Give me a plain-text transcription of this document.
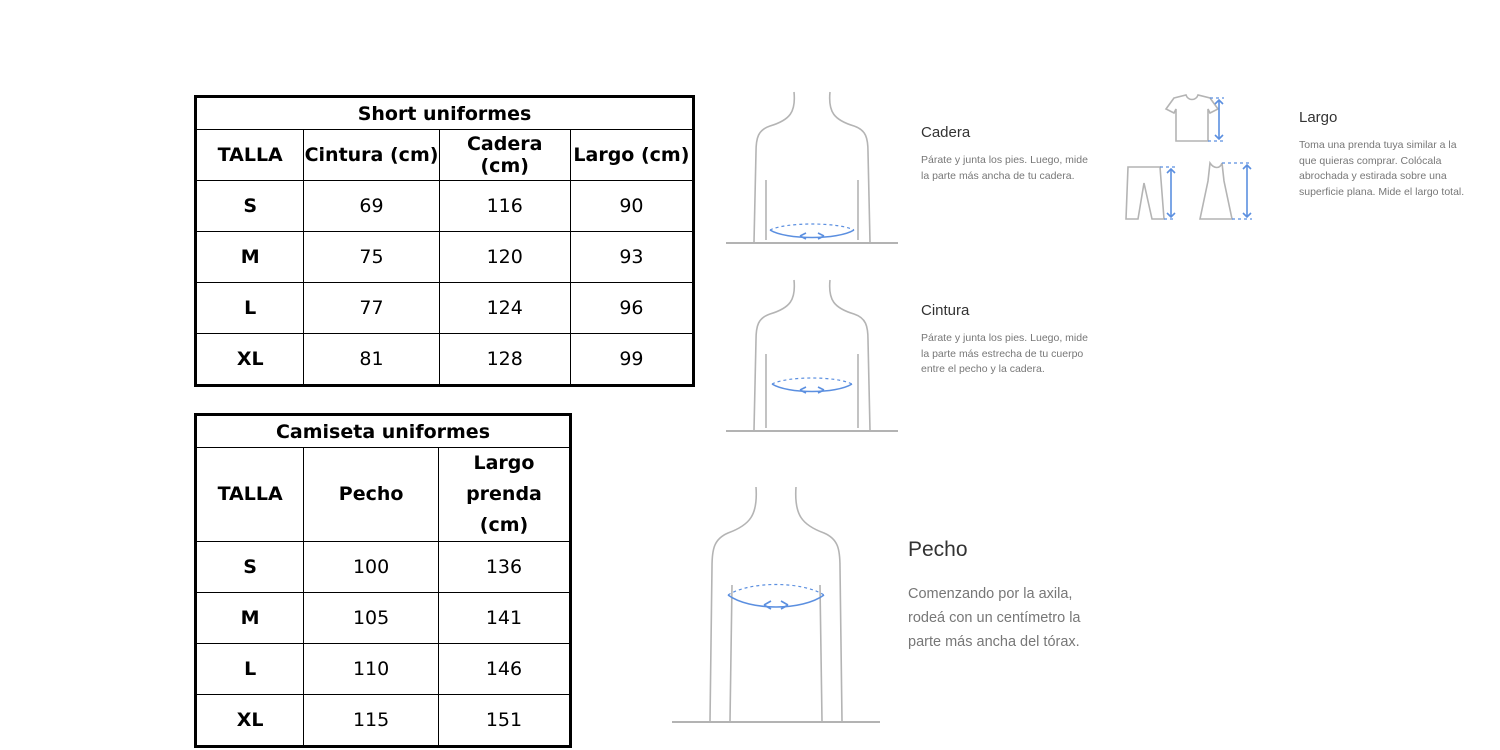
Short uniformes			
TALLA	Cintura (cm)	Cadera (cm)	Largo (cm)
S	69	116	90
M	75	120	93
L	77	124	96
XL	81	128	99
Camiseta uniformes		
TALLA	Pecho	Largo
prenda (cm)
S	100	136
M	105	141
L	110	146
XL	115	151
Cadera
Párate y junta los pies. Luego, mide la parte más ancha de tu cadera.
Largo
Toma una prenda tuya similar a la que quieras comprar. Colócala abrochada y estirada sobre una superficie plana. Mide el largo total.
Cintura
Párate y junta los pies. Luego, mide la parte más estrecha de tu cuerpo entre el pecho y la cadera.
Pecho
Comenzando por la axila, rodeá con un centímetro la parte más ancha del tórax.
